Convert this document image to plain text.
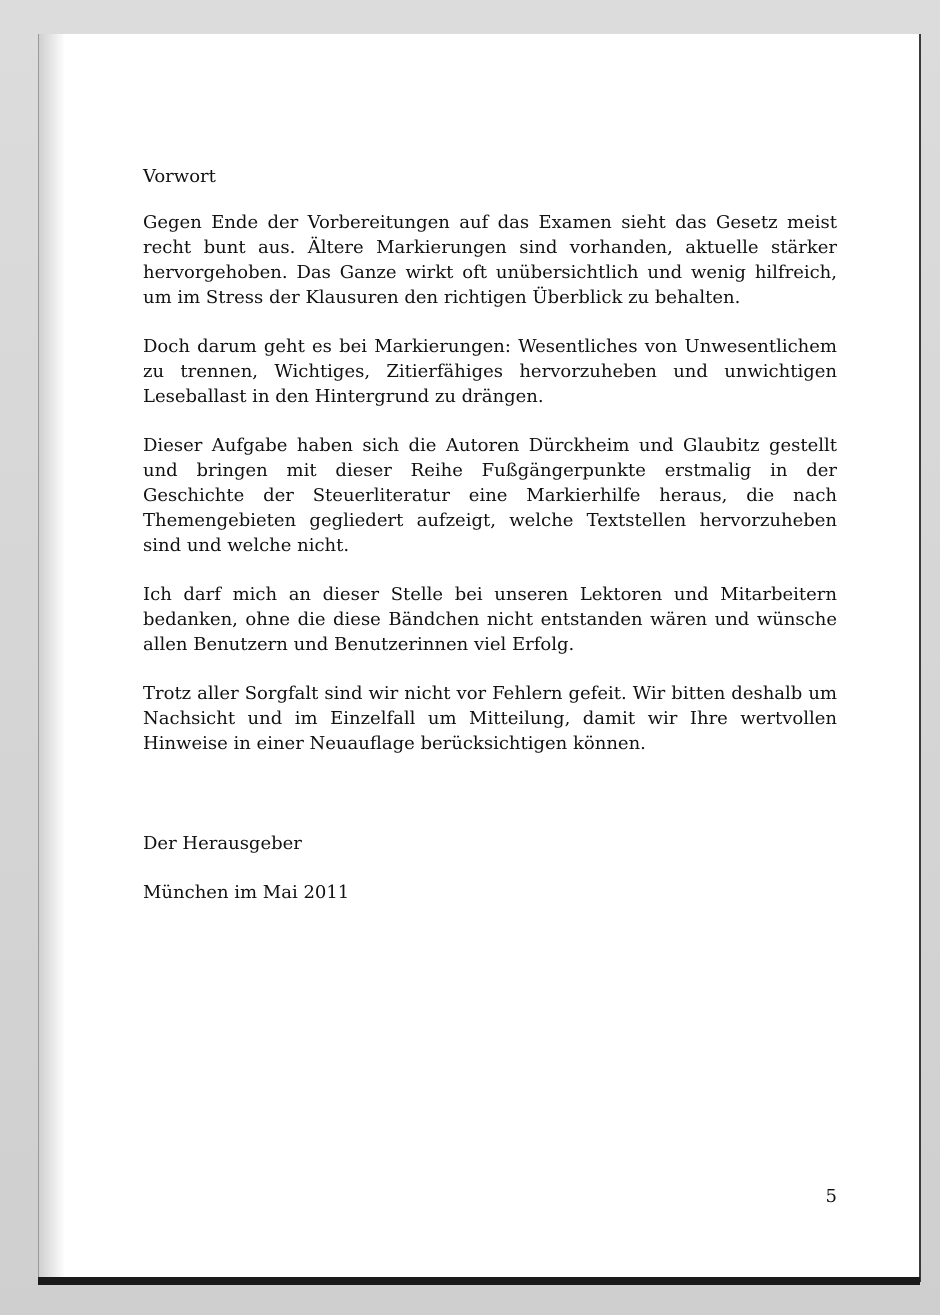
Vorwort

Gegen Ende der Vorbereitungen auf das Examen sieht das Gesetz meist recht bunt aus. Ältere Markierungen sind vorhanden, aktuelle stärker hervorgehoben. Das Ganze wirkt oft unübersichtlich und wenig hilfreich, um im Stress der Klausuren den richtigen Überblick zu behalten.

Doch darum geht es bei Markierungen: Wesentliches von Unwesentlichem zu trennen, Wichtiges, Zitierfähiges hervorzuheben und unwichtigen Leseballast in den Hintergrund zu drängen.

Dieser Aufgabe haben sich die Autoren Dürckheim und Glaubitz gestellt und bringen mit dieser Reihe Fußgängerpunkte erstmalig in der Geschichte der Steuerliteratur eine Markierhilfe heraus, die nach Themengebieten gegliedert aufzeigt, welche Textstellen hervorzuheben sind und welche nicht.

Ich darf mich an dieser Stelle bei unseren Lektoren und Mitarbeitern bedanken, ohne die diese Bändchen nicht entstanden wären und wünsche allen Benutzern und Benutzerinnen viel Erfolg.

Trotz aller Sorgfalt sind wir nicht vor Fehlern gefeit. Wir bitten deshalb um Nachsicht und im Einzelfall um Mitteilung, damit wir Ihre wertvollen Hinweise in einer Neuauflage berücksichtigen können.

Der Herausgeber
München im Mai 2011
5
